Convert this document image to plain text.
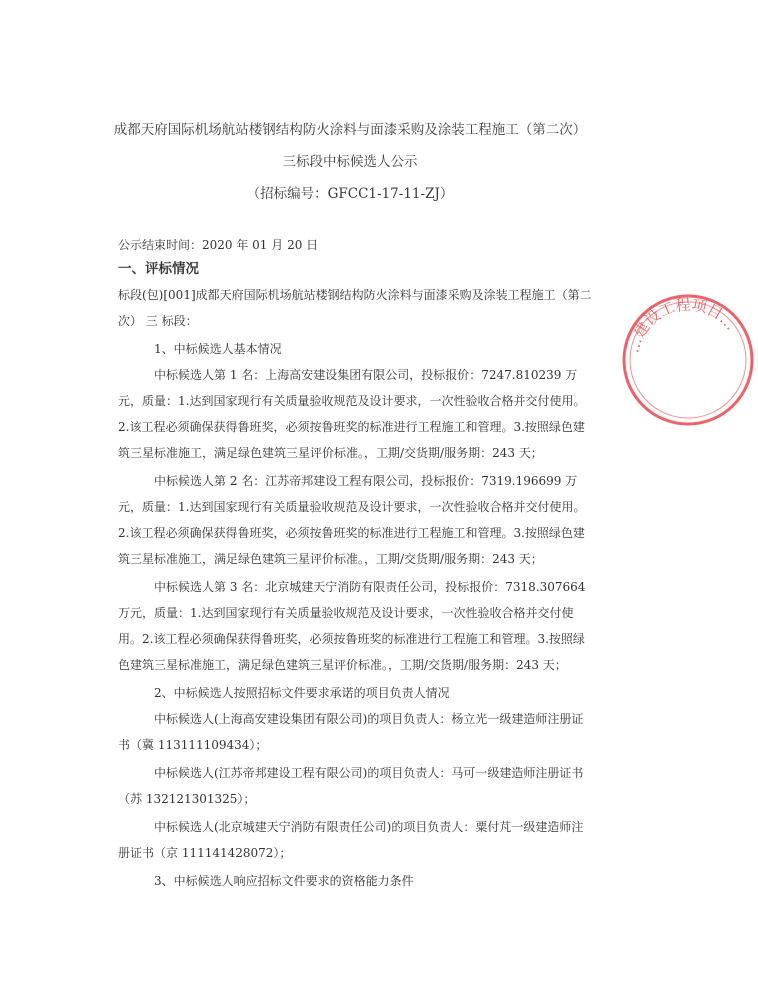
成都天府国际机场航站楼钢结构防火涂料与面漆采购及涂装工程施工（第二次）
三标段中标候选人公示
（招标编号：GFCC1-17-11-ZJ）
公示结束时间：2020 年 01 月 20 日
一、评标情况
标段(包)[001]成都天府国际机场航站楼钢结构防火涂料与面漆采购及涂装工程施工（第二次） 三 标段：
1、中标候选人基本情况
中标候选人第 1 名：上海高安建设集团有限公司，投标报价：7247.810239 万元，质量：1.达到国家现行有关质量验收规范及设计要求，一次性验收合格并交付使用。2.该工程必须确保获得鲁班奖，必须按鲁班奖的标准进行工程施工和管理。3.按照绿色建筑三星标准施工，满足绿色建筑三星评价标准。，工期/交货期/服务期：243 天；
中标候选人第 2 名：江苏帝邦建设工程有限公司，投标报价：7319.196699 万元，质量：1.达到国家现行有关质量验收规范及设计要求，一次性验收合格并交付使用。2.该工程必须确保获得鲁班奖，必须按鲁班奖的标准进行工程施工和管理。3.按照绿色建筑三星标准施工，满足绿色建筑三星评价标准。，工期/交货期/服务期：243 天；
中标候选人第 3 名：北京城建天宁消防有限责任公司，投标报价：7318.307664 万元，质量：1.达到国家现行有关质量验收规范及设计要求，一次性验收合格并交付使用。2.该工程必须确保获得鲁班奖，必须按鲁班奖的标准进行工程施工和管理。3.按照绿色建筑三星标准施工，满足绿色建筑三星评价标准。，工期/交货期/服务期：243 天；
2、中标候选人按照招标文件要求承诺的项目负责人情况
中标候选人(上海高安建设集团有限公司)的项目负责人：杨立光一级建造师注册证书（冀 113111109434）；
中标候选人(江苏帝邦建设工程有限公司)的项目负责人：马可一级建造师注册证书（苏 132121301325）；
中标候选人(北京城建天宁消防有限责任公司)的项目负责人：粟付芃一级建造师注册证书（京 111141428072）；
3、中标候选人响应招标文件要求的资格能力条件
…建设工程项目…
